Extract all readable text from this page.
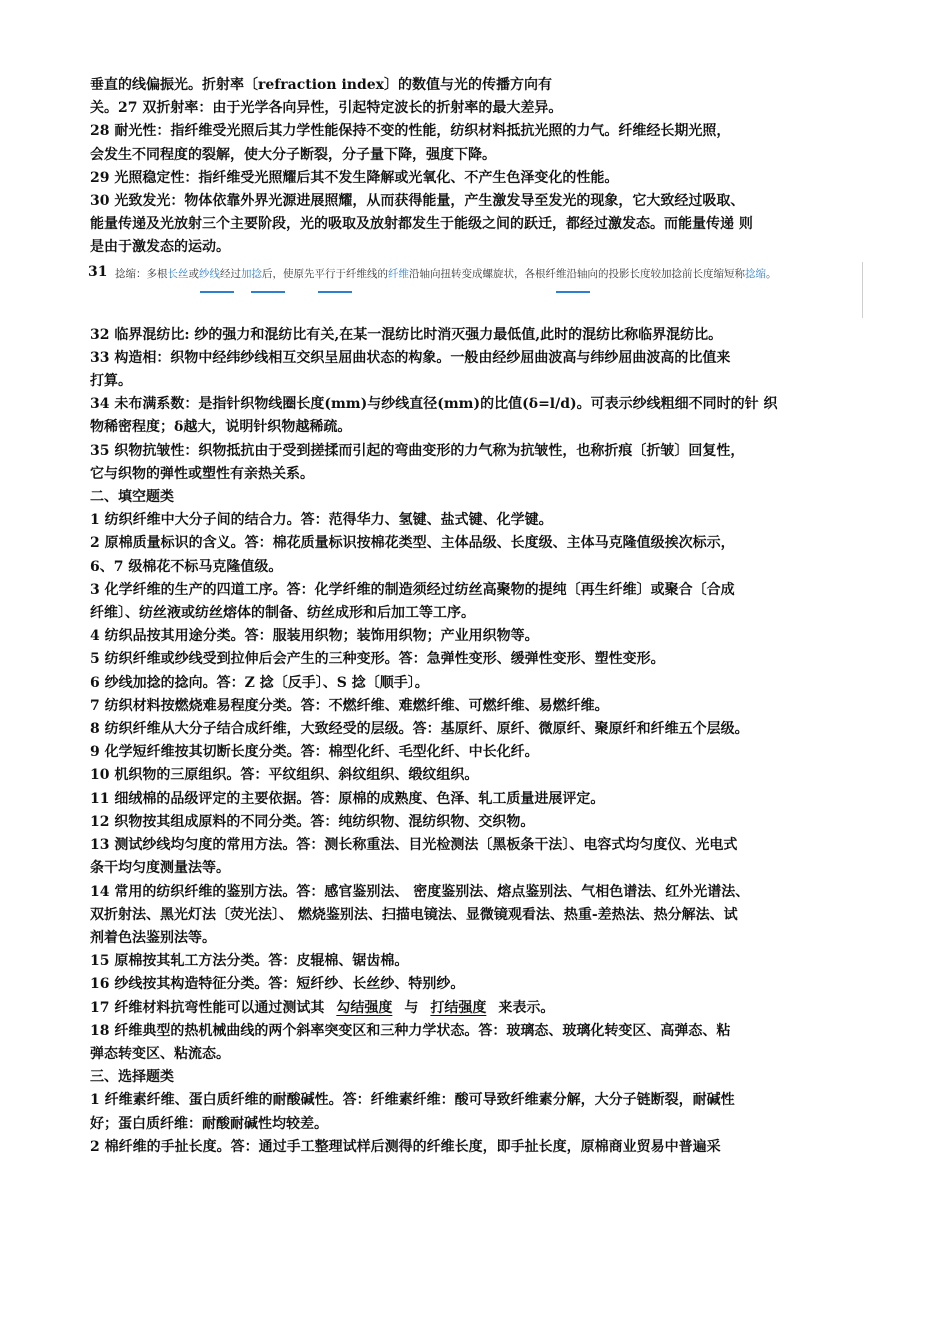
垂直的线偏振光。折射率〔refraction index〕的数值与光的传播方向有
关。27 双折射率：由于光学各向异性，引起特定波长的折射率的最大差异。
28 耐光性：指纤维受光照后其力学性能保持不变的性能，纺织材料抵抗光照的力气。纤维经长期光照，
会发生不同程度的裂解，使大分子断裂，分子量下降，强度下降。
29 光照稳定性：指纤维受光照耀后其不发生降解或光氧化、不产生色泽变化的性能。
30 光致发光：物体依靠外界光源进展照耀，从而获得能量，产生激发导至发光的现象，它大致经过吸取、
能量传递及光放射三个主要阶段，光的吸取及放射都发生于能级之间的跃迁，都经过激发态。而能量传递 则
是由于激发态的运动。
31 捻缩：多根长丝或纱线经过加捻后，使原先平行于纤维线的纤维沿轴向扭转变成螺旋状，各根纤维沿轴向的投影长度较加捻前长度缩短称捻缩。
32 临界混纺比: 纱的强力和混纺比有关,在某一混纺比时消灭强力最低值,此时的混纺比称临界混纺比。
33 构造相：织物中经纬纱线相互交织呈屈曲状态的构象。一般由经纱屈曲波高与纬纱屈曲波高的比值来
打算。
34 未布满系数：是指针织物线圈长度(mm)与纱线直径(mm)的比值(δ=l/d)。可表示纱线粗细不同时的针 织
物稀密程度；δ越大，说明针织物越稀疏。
35 织物抗皱性：织物抵抗由于受到搓揉而引起的弯曲变形的力气称为抗皱性，也称折痕〔折皱〕回复性，
它与织物的弹性或塑性有亲热关系。
二、填空题类
1 纺织纤维中大分子间的结合力。答：范得华力、氢键、盐式键、化学键。
2 原棉质量标识的含义。答：棉花质量标识按棉花类型、主体品级、长度级、主体马克隆值级挨次标示，
6、7 级棉花不标马克隆值级。
3 化学纤维的生产的四道工序。答：化学纤维的制造须经过纺丝高聚物的提纯〔再生纤维〕或聚合〔合成
纤维〕、纺丝液或纺丝熔体的制备、纺丝成形和后加工等工序。
4 纺织品按其用途分类。答：服装用织物；装饰用织物；产业用织物等。
5 纺织纤维或纱线受到拉伸后会产生的三种变形。答：急弹性变形、缓弹性变形、塑性变形。
6 纱线加捻的捻向。答：Z 捻〔反手〕、S 捻〔顺手〕。
7 纺织材料按燃烧难易程度分类。答：不燃纤维、难燃纤维、可燃纤维、易燃纤维。
8 纺织纤维从大分子结合成纤维，大致经受的层级。答：基原纤、原纤、微原纤、聚原纤和纤维五个层级。
9 化学短纤维按其切断长度分类。答：棉型化纤、毛型化纤、中长化纤。
10 机织物的三原组织。答：平纹组织、斜纹组织、缎纹组织。
11 细绒棉的品级评定的主要依据。答：原棉的成熟度、色泽、轧工质量进展评定。
12 织物按其组成原料的不同分类。答：纯纺织物、混纺织物、交织物。
13 测试纱线均匀度的常用方法。答：测长称重法、目光检测法〔黑板条干法〕、电容式均匀度仪、光电式
条干均匀度测量法等。
14 常用的纺织纤维的鉴别方法。答：感官鉴别法、 密度鉴别法、熔点鉴别法、气相色谱法、红外光谱法、
双折射法、黑光灯法〔荧光法〕、 燃烧鉴别法、扫描电镜法、显微镜观看法、热重-差热法、热分解法、试
剂着色法鉴别法等。
15 原棉按其轧工方法分类。答：皮辊棉、锯齿棉。
16 纱线按其构造特征分类。答：短纤纱、长丝纱、特别纱。
17 纤维材料抗弯性能可以通过测试其 勾结强度 与 打结强度 来表示。
18 纤维典型的热机械曲线的两个斜率突变区和三种力学状态。答：玻璃态、玻璃化转变区、高弹态、粘
弹态转变区、粘流态。
三、选择题类
1 纤维素纤维、蛋白质纤维的耐酸碱性。答：纤维素纤维：酸可导致纤维素分解，大分子链断裂，耐碱性
好；蛋白质纤维：耐酸耐碱性均较差。
2 棉纤维的手扯长度。答：通过手工整理试样后测得的纤维长度，即手扯长度，原棉商业贸易中普遍采
